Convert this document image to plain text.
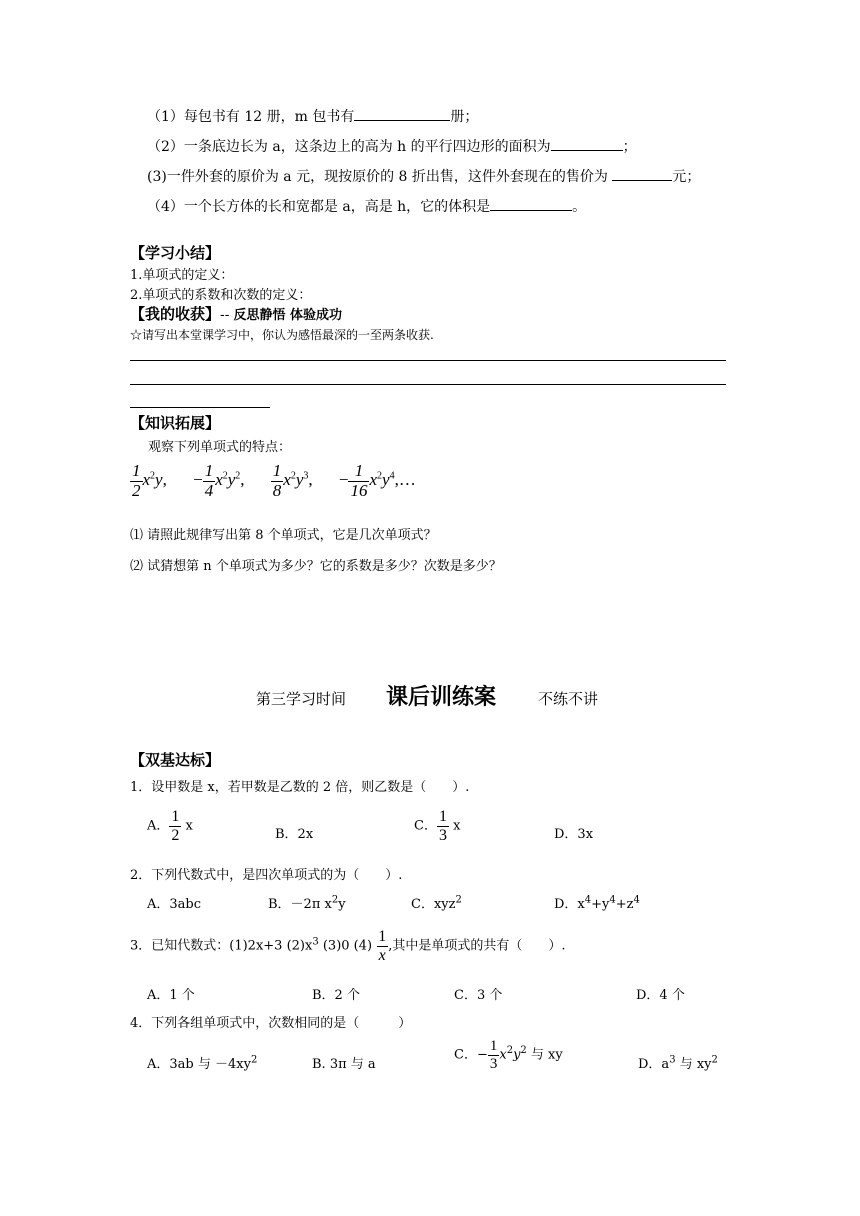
（1）每包书有 12 册，m 包书有	册；
（2）一条底边长为 a，这条边上的高为 h 的平行四边形的面积为	；
(3)一件外套的原价为 a 元，现按原价的 8 折出售，这件外套现在的售价为	元；
（4）一个长方体的长和宽都是 a，高是 h，它的体积是	。
【学习小结】
1.单项式的定义：
2.单项式的系数和次数的定义：
【我的收获】-- 反思静悟 体验成功
☆请写出本堂课学习中，你认为感悟最深的一至两条收获.
【知识拓展】
观察下列单项式的特点：
$\frac{1}{2} x^2y$, − $\frac{1}{4} x^2y^2$, $\frac{1}{8} x^2y^3$, − $\frac{1}{16}$ $x^2y^4,\dots$
⑴ 请照此规律写出第 8 个单项式，它是几次单项式？
⑵ 试猜想第 n 个单项式为多少？它的系数是多少？次数是多少？
第三学习时间 课后训练案	不练不讲
【双基达标】
1．设甲数是 x，若甲数是乙数的 2 倍，则乙数是（　　）.
A． $\frac{1}{2}$ x
B．2x
C． $\frac{1}{3}$ x
D．3x
2．下列代数式中，是四次单项式的为（　　）.
A．3abc	B．－2π $x^2y$	C．xyz$^2$	D．$x^4+y^4+z^4$
3．已知代数式：(1)2x+3 $(2)x^3$ (3)0 $(4) \frac{1}{x}$ ,其中是单项式的共有（　　）.
A．1 个	B．2 个	C．3 个	D．4 个
4．下列各组单项式中，次数相同的是（　　　）
A．3ab 与 $-4xy^2$	B. 3π 与 a
C．− $\frac{1}{3} x^2y^2$ 与 xy
D．$a^3$ 与 $xy^2$
